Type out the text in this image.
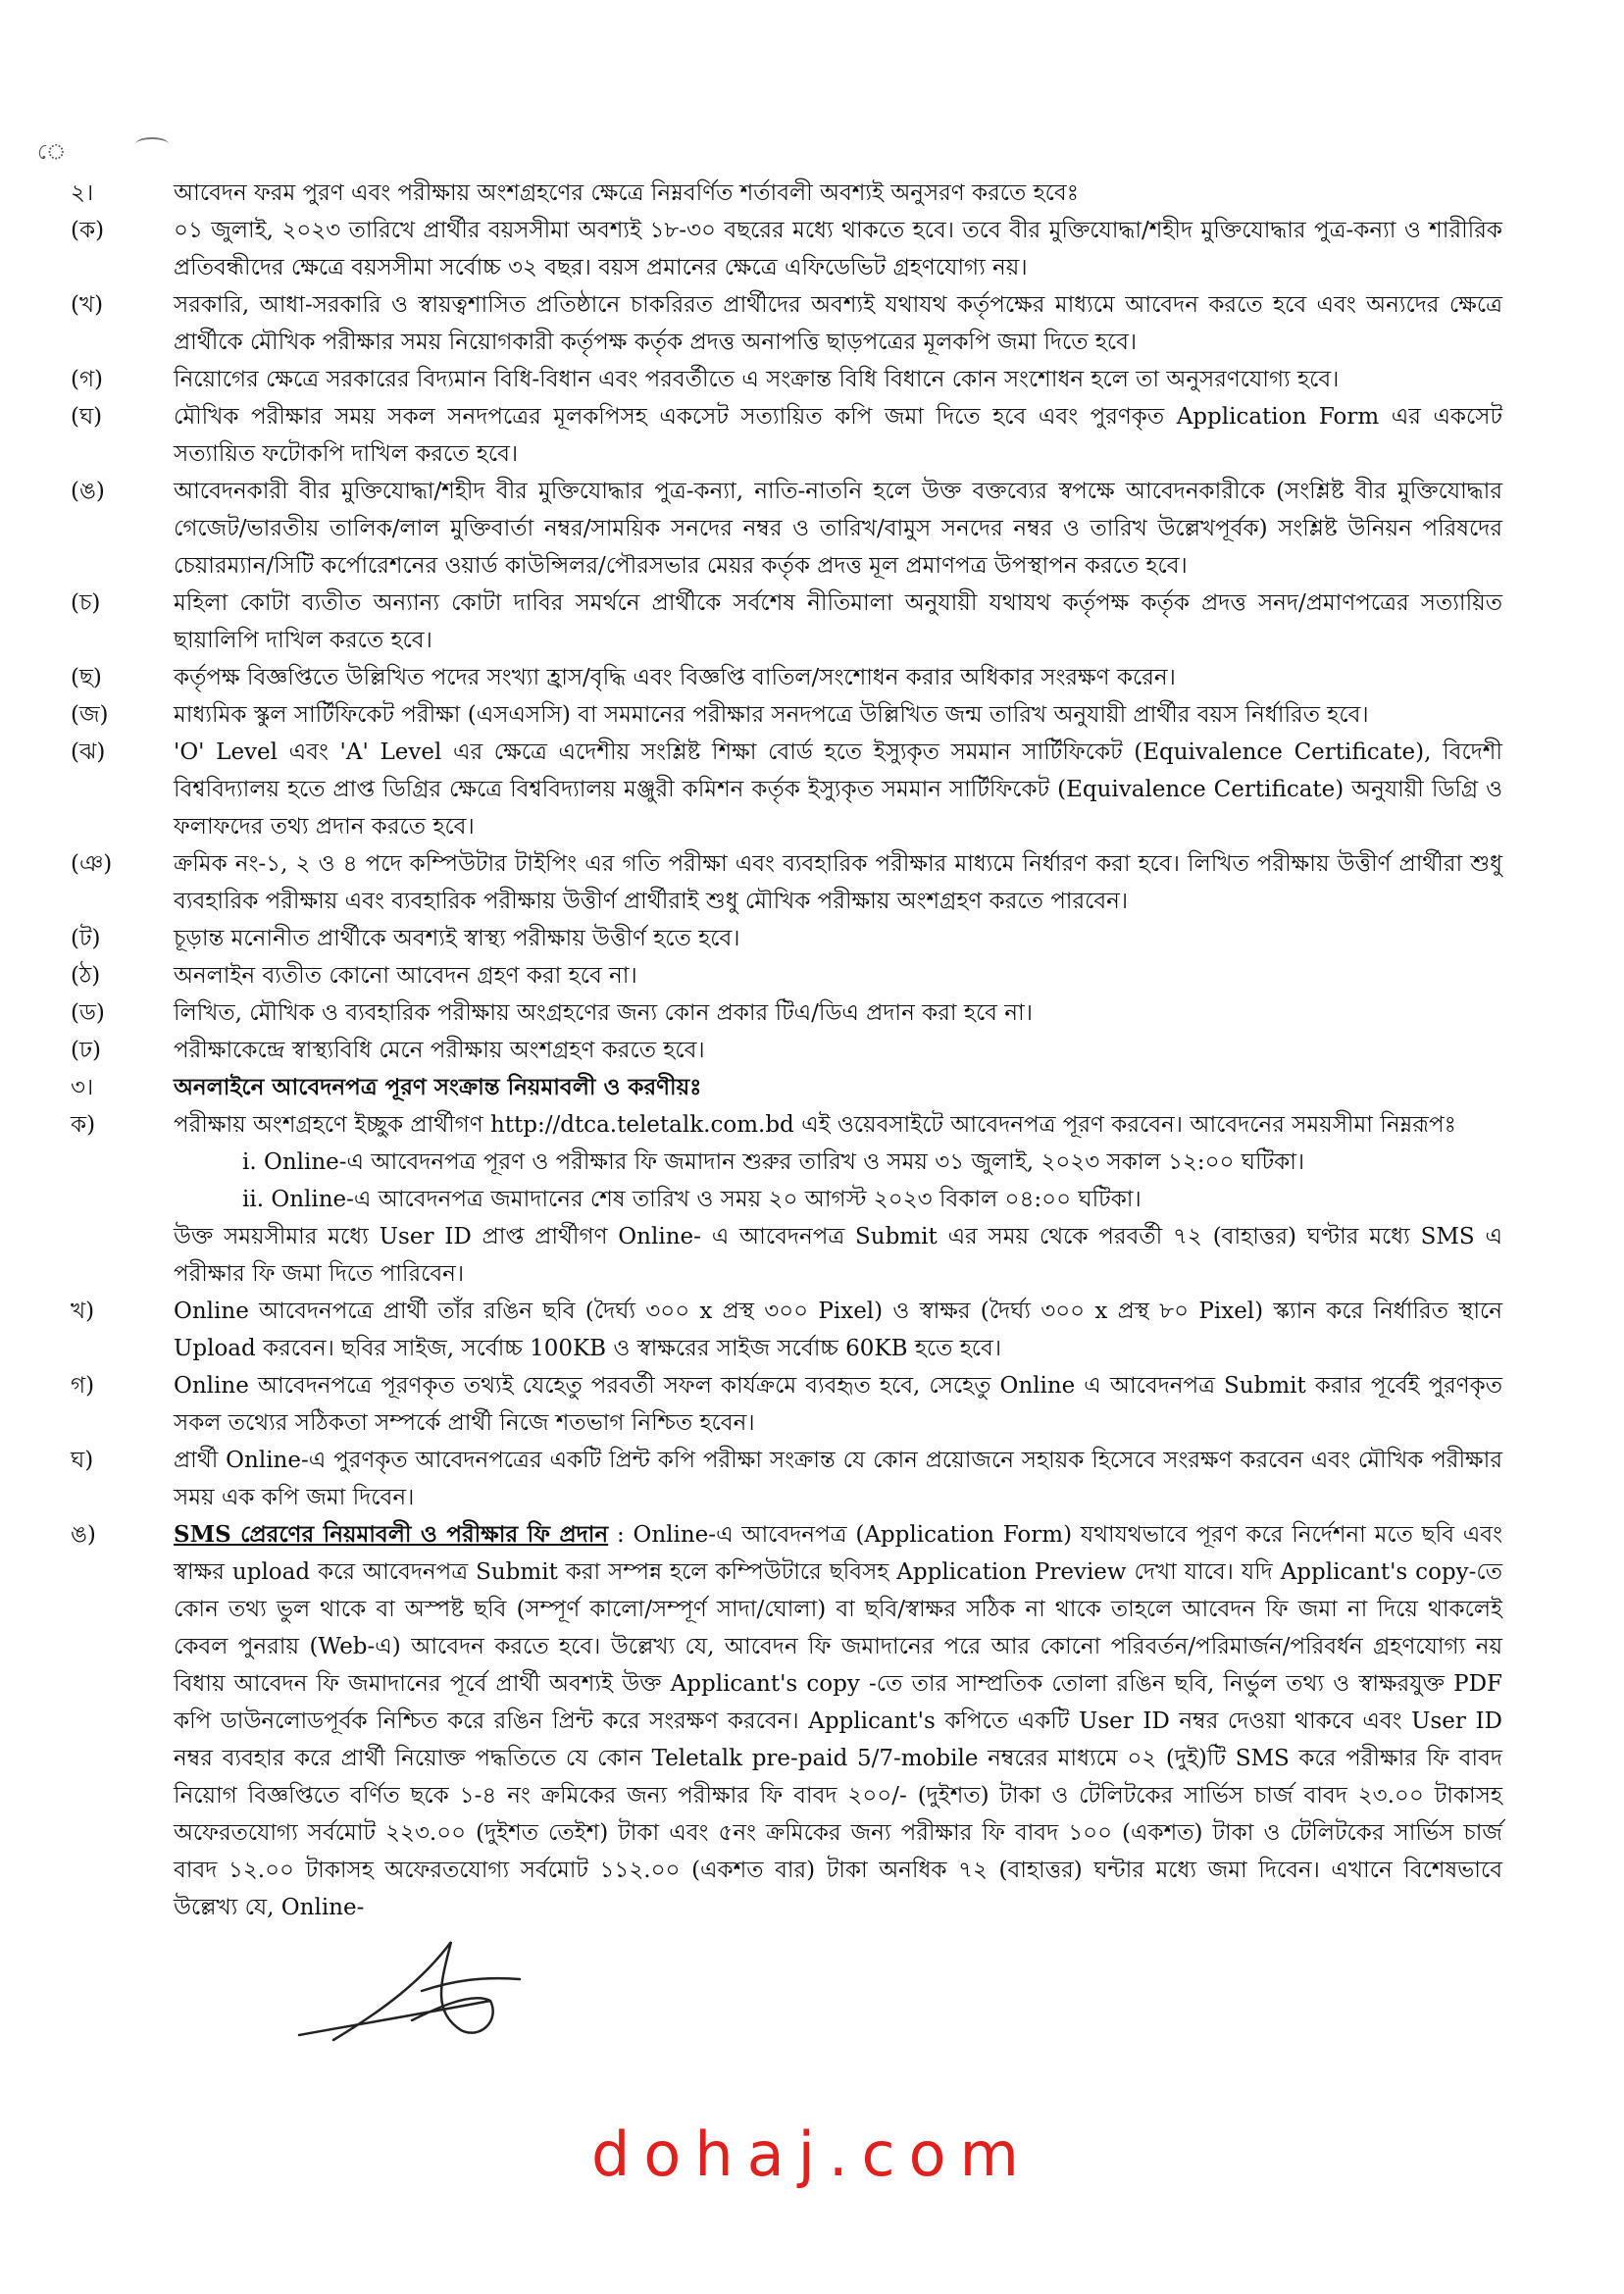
ে
২।	আবেদন ফরম পুরণ এবং পরীক্ষায় অংশগ্রহণের ক্ষেত্রে নিম্নবর্ণিত শর্তাবলী অবশ্যই অনুসরণ করতে হবেঃ
(ক)	০১ জুলাই, ২০২৩ তারিখে প্রার্থীর বয়সসীমা অবশ্যই ১৮-৩০ বছরের মধ্যে থাকতে হবে। তবে বীর মুক্তিযোদ্ধা/শহীদ মুক্তিযোদ্ধার পুত্র-কন্যা ও শারীরিক প্রতিবন্ধীদের ক্ষেত্রে বয়সসীমা সর্বোচ্চ ৩২ বছর। বয়স প্রমানের ক্ষেত্রে এফিডেভিট গ্রহণযোগ্য নয়।
(খ)	সরকারি, আধা-সরকারি ও স্বায়ত্বশাসিত প্রতিষ্ঠানে চাকরিরত প্রার্থীদের অবশ্যই যথাযথ কর্তৃপক্ষের মাধ্যমে আবেদন করতে হবে এবং অন্যদের ক্ষেত্রে প্রার্থীকে মৌখিক পরীক্ষার সময় নিয়োগকারী কর্তৃপক্ষ কর্তৃক প্রদত্ত অনাপত্তি ছাড়পত্রের মূলকপি জমা দিতে হবে।
(গ)	নিয়োগের ক্ষেত্রে সরকারের বিদ্যমান বিধি-বিধান এবং পরবর্তীতে এ সংক্রান্ত বিধি বিধানে কোন সংশোধন হলে তা অনুসরণযোগ্য হবে।
(ঘ)	মৌখিক পরীক্ষার সময় সকল সনদপত্রের মূলকপিসহ একসেট সত্যায়িত কপি জমা দিতে হবে এবং পুরণকৃত Application Form এর একসেট সত্যায়িত ফটোকপি দাখিল করতে হবে।
(ঙ)	আবেদনকারী বীর মুক্তিযোদ্ধা/শহীদ বীর মুক্তিযোদ্ধার পুত্র-কন্যা, নাতি-নাতনি হলে উক্ত বক্তব্যের স্বপক্ষে আবেদনকারীকে (সংশ্লিষ্ট বীর মুক্তিযোদ্ধার গেজেট/ভারতীয় তালিক/লাল মুক্তিবার্তা নম্বর/সাময়িক সনদের নম্বর ও তারিখ/বামুস সনদের নম্বর ও তারিখ উল্লেখপূর্বক) সংশ্লিষ্ট উনিয়ন পরিষদের চেয়ারম্যান/সিটি কর্পোরেশনের ওয়ার্ড কাউন্সিলর/পৌরসভার মেয়র কর্তৃক প্রদত্ত মূল প্রমাণপত্র উপস্থাপন করতে হবে।
(চ)	মহিলা কোটা ব্যতীত অন্যান্য কোটা দাবির সমর্থনে প্রার্থীকে সর্বশেষ নীতিমালা অনুযায়ী যথাযথ কর্তৃপক্ষ কর্তৃক প্রদত্ত সনদ/প্রমাণপত্রের সত্যায়িত ছায়ালিপি দাখিল করতে হবে।
(ছ)	কর্তৃপক্ষ বিজ্ঞপ্তিতে উল্লিখিত পদের সংখ্যা হ্রাস/বৃদ্ধি এবং বিজ্ঞপ্তি বাতিল/সংশোধন করার অধিকার সংরক্ষণ করেন।
(জ)	মাধ্যমিক স্কুল সার্টিফিকেট পরীক্ষা (এসএসসি) বা সমমানের পরীক্ষার সনদপত্রে উল্লিখিত জন্ম তারিখ অনুযায়ী প্রার্থীর বয়স নির্ধারিত হবে।
(ঝ)	'O' Level এবং 'A' Level এর ক্ষেত্রে এদেশীয় সংশ্লিষ্ট শিক্ষা বোর্ড হতে ইস্যুকৃত সমমান সার্টিফিকেট (Equivalence Certificate), বিদেশী বিশ্ববিদ্যালয় হতে প্রাপ্ত ডিগ্রির ক্ষেত্রে বিশ্ববিদ্যালয় মঞ্জুরী কমিশন কর্তৃক ইস্যুকৃত সমমান সার্টিফিকেট (Equivalence Certificate) অনুযায়ী ডিগ্রি ও ফলাফদের তথ্য প্রদান করতে হবে।
(ঞ)	ক্রমিক নং-১, ২ ও ৪ পদে কম্পিউটার টাইপিং এর গতি পরীক্ষা এবং ব্যবহারিক পরীক্ষার মাধ্যমে নির্ধারণ করা হবে। লিখিত পরীক্ষায় উত্তীর্ণ প্রার্থীরা শুধু ব্যবহারিক পরীক্ষায় এবং ব্যবহারিক পরীক্ষায় উত্তীর্ণ প্রার্থীরাই শুধু মৌখিক পরীক্ষায় অংশগ্রহণ করতে পারবেন।
(ট)	চূড়ান্ত মনোনীত প্রার্থীকে অবশ্যই স্বাস্থ্য পরীক্ষায় উত্তীর্ণ হতে হবে।
(ঠ)	অনলাইন ব্যতীত কোনো আবেদন গ্রহণ করা হবে না।
(ড)	লিখিত, মৌখিক ও ব্যবহারিক পরীক্ষায় অংগ্রহণের জন্য কোন প্রকার টিএ/ডিএ প্রদান করা হবে না।
(ঢ)	পরীক্ষাকেন্দ্রে স্বাস্থ্যবিধি মেনে পরীক্ষায় অংশগ্রহণ করতে হবে।
৩।	অনলাইনে আবেদনপত্র পূরণ সংক্রান্ত নিয়মাবলী ও করণীয়ঃ
ক)	পরীক্ষায় অংশগ্রহণে ইচ্ছুক প্রার্থীগণ http://dtca.teletalk.com.bd এই ওয়েবসাইটে আবেদনপত্র পূরণ করবেন। আবেদনের সময়সীমা নিম্নরূপঃ
i. Online-এ আবেদনপত্র পূরণ ও পরীক্ষার ফি জমাদান শুরুর তারিখ ও সময় ৩১ জুলাই, ২০২৩ সকাল ১২:০০ ঘটিকা।
ii. Online-এ আবেদনপত্র জমাদানের শেষ তারিখ ও সময় ২০ আগস্ট ২০২৩ বিকাল ০৪:০০ ঘটিকা।
উক্ত সময়সীমার মধ্যে User ID প্রাপ্ত প্রার্থীগণ Online- এ আবেদনপত্র Submit এর সময় থেকে পরবর্তী ৭২ (বাহাত্তর) ঘণ্টার মধ্যে SMS এ পরীক্ষার ফি জমা দিতে পারিবেন।
খ)	Online আবেদনপত্রে প্রার্থী তাঁর রঙিন ছবি (দৈর্ঘ্য ৩০০ x প্রস্থ ৩০০ Pixel) ও স্বাক্ষর (দৈর্ঘ্য ৩০০ x প্রস্থ ৮০ Pixel) স্ক্যান করে নির্ধারিত স্থানে Upload করবেন। ছবির সাইজ, সর্বোচ্চ 100KB ও স্বাক্ষরের সাইজ সর্বোচ্চ 60KB হতে হবে।
গ)	Online আবেদনপত্রে পূরণকৃত তথ্যই যেহেতু পরবর্তী সফল কার্যক্রমে ব্যবহৃত হবে, সেহেতু Online এ আবেদনপত্র Submit করার পূর্বেই পুরণকৃত সকল তথ্যের সঠিকতা সম্পর্কে প্রার্থী নিজে শতভাগ নিশ্চিত হবেন।
ঘ)	প্রার্থী Online-এ পুরণকৃত আবেদনপত্রের একটি প্রিন্ট কপি পরীক্ষা সংক্রান্ত যে কোন প্রয়োজনে সহায়ক হিসেবে সংরক্ষণ করবেন এবং মৌখিক পরীক্ষার সময় এক কপি জমা দিবেন।
ঙ)	SMS প্রেরণের নিয়মাবলী ও পরীক্ষার ফি প্রদান : Online-এ আবেদনপত্র (Application Form) যথাযথভাবে পূরণ করে নির্দেশনা মতে ছবি এবং স্বাক্ষর upload করে আবেদনপত্র Submit করা সম্পন্ন হলে কম্পিউটারে ছবিসহ Application Preview দেখা যাবে। যদি Applicant's copy-তে কোন তথ্য ভুল থাকে বা অস্পষ্ট ছবি (সম্পূর্ণ কালো/সম্পূর্ণ সাদা/ঘোলা) বা ছবি/স্বাক্ষর সঠিক না থাকে তাহলে আবেদন ফি জমা না দিয়ে থাকলেই কেবল পুনরায় (Web-এ) আবেদন করতে হবে। উল্লেখ্য যে, আবেদন ফি জমাদানের পরে আর কোনো পরিবর্তন/পরিমার্জন/পরিবর্ধন গ্রহণযোগ্য নয় বিধায় আবেদন ফি জমাদানের পূর্বে প্রার্থী অবশ্যই উক্ত Applicant's copy -তে তার সাম্প্রতিক তোলা রঙিন ছবি, নির্ভুল তথ্য ও স্বাক্ষরযুক্ত PDF কপি ডাউনলোডপূর্বক নিশ্চিত করে রঙিন প্রিন্ট করে সংরক্ষণ করবেন। Applicant's কপিতে একটি User ID নম্বর দেওয়া থাকবে এবং User ID নম্বর ব্যবহার করে প্রার্থী নিয়োক্ত পদ্ধতিতে যে কোন Teletalk pre-paid 5/7-mobile নম্বরের মাধ্যমে ০২ (দুই)টি SMS করে পরীক্ষার ফি বাবদ নিয়োগ বিজ্ঞপ্তিতে বর্ণিত ছকে ১-৪ নং ক্রমিকের জন্য পরীক্ষার ফি বাবদ ২০০/- (দুইশত) টাকা ও টেলিটকের সার্ভিস চার্জ বাবদ ২৩.০০ টাকাসহ অফেরতযোগ্য সর্বমোট ২২৩.০০ (দুইশত তেইশ) টাকা এবং ৫নং ক্রমিকের জন্য পরীক্ষার ফি বাবদ ১০০ (একশত) টাকা ও টেলিটকের সার্ভিস চার্জ বাবদ ১২.০০ টাকাসহ অফেরতযোগ্য সর্বমোট ১১২.০০ (একশত বার) টাকা অনধিক ৭২ (বাহাত্তর) ঘন্টার মধ্যে জমা দিবেন। এখানে বিশেষভাবে উল্লেখ্য যে, Online-
dohaj.com
